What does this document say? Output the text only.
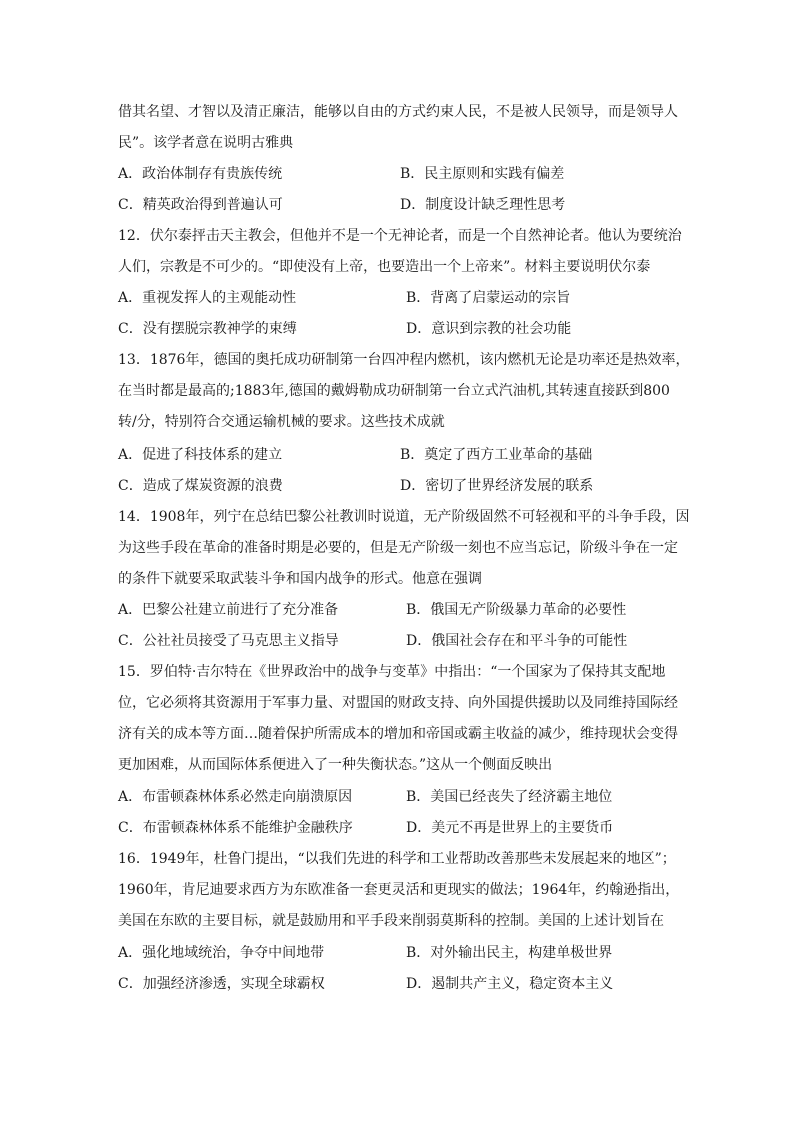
借其名望、才智以及清正廉洁，能够以自由的方式约束人民，不是被人民领导，而是领导人
民”。该学者意在说明古雅典
A．政治体制存有贵族传统	B．民主原则和实践有偏差
C．精英政治得到普遍认可	D．制度设计缺乏理性思考
12．伏尔泰抨击天主教会，但他并不是一个无神论者，而是一个自然神论者。他认为要统治
人们，宗教是不可少的。“即使没有上帝，也要造出一个上帝来”。材料主要说明伏尔泰
A．重视发挥人的主观能动性	B．背离了启蒙运动的宗旨
C．没有摆脱宗教神学的束缚	D．意识到宗教的社会功能
13．1876年，德国的奥托成功研制第一台四冲程内燃机，该内燃机无论是功率还是热效率，
在当时都是最高的;1883年,德国的戴姆勒成功研制第一台立式汽油机,其转速直接跃到800
转/分，特别符合交通运输机械的要求。这些技术成就
A．促进了科技体系的建立	B．奠定了西方工业革命的基础
C．造成了煤炭资源的浪费	D．密切了世界经济发展的联系
14．1908年，列宁在总结巴黎公社教训时说道，无产阶级固然不可轻视和平的斗争手段，因
为这些手段在革命的准备时期是必要的，但是无产阶级一刻也不应当忘记，阶级斗争在一定
的条件下就要采取武装斗争和国内战争的形式。他意在强调
A．巴黎公社建立前进行了充分准备	B．俄国无产阶级暴力革命的必要性
C．公社社员接受了马克思主义指导	D．俄国社会存在和平斗争的可能性
15．罗伯特·吉尔特在《世界政治中的战争与变革》中指出：“一个国家为了保持其支配地
位，它必须将其资源用于军事力量、对盟国的财政支持、向外国提供援助以及同维持国际经
济有关的成本等方面…随着保护所需成本的增加和帝国或霸主收益的减少，维持现状会变得
更加困难，从而国际体系便进入了一种失衡状态。”这从一个侧面反映出
A．布雷顿森林体系必然走向崩溃原因	B．美国已经丧失了经济霸主地位
C．布雷顿森林体系不能维护金融秩序	D．美元不再是世界上的主要货币
16．1949年，杜鲁门提出，“以我们先进的科学和工业帮助改善那些未发展起来的地区”；
1960年，肯尼迪要求西方为东欧准备一套更灵活和更现实的做法；1964年，约翰逊指出，
美国在东欧的主要目标，就是鼓励用和平手段来削弱莫斯科的控制。美国的上述计划旨在
A．强化地域统治，争夺中间地带	B．对外输出民主，构建单极世界
C．加强经济渗透，实现全球霸权	D．遏制共产主义，稳定资本主义
